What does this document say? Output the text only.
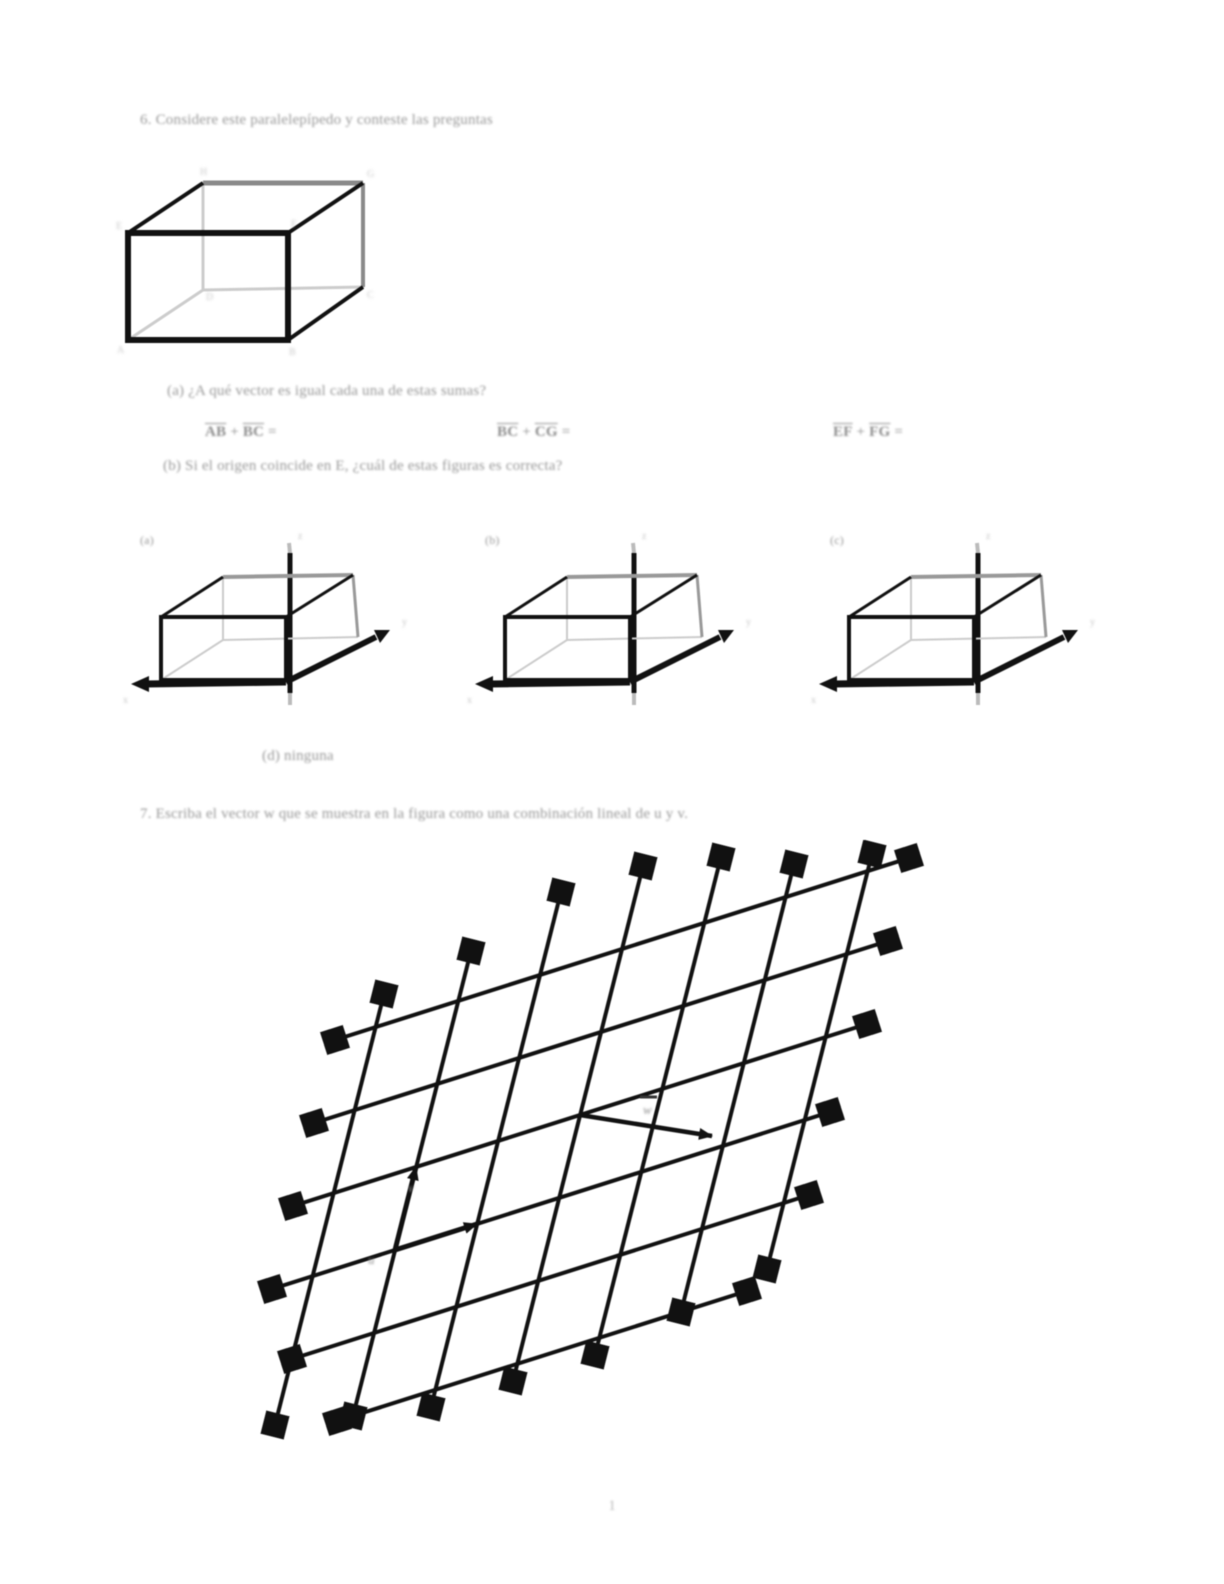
6. Considere este paralelepípedo y conteste las preguntas
A	B
C
D
E	F
G
H
(a) ¿A qué vector es igual cada una de estas sumas?
$\overline{AB} + \overline{BC}$ =	$\overline{BC} + \overline{CG}$ =	$\overline{EF} + \overline{FG}$ =
(b) Si el origen coincide en E, ¿cuál de estas figuras es correcta?
(a)	(b)	(c)
(d) ninguna
7. Escriba el vector w que se muestra en la figura como una combinación lineal de u y v.
w
u
v
1
